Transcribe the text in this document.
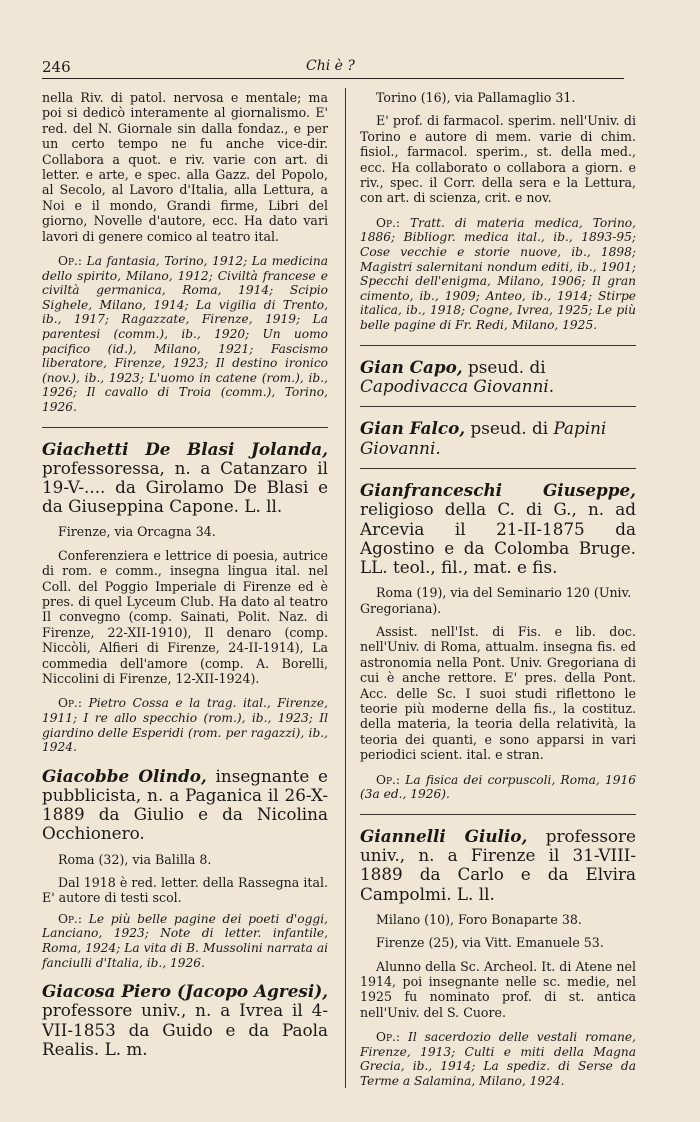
246	Chi è ?

nella Riv. di patol. nervosa e mentale; ma poi si dedicò interamente al giornalismo. E' red. del N. Giornale sin dalla fondaz., e per un certo tempo ne fu anche vice-dir. Collabora a quot. e riv. varie con art. di letter. e arte, e spec. alla Gazz. del Popolo, al Secolo, al Lavoro d'Italia, alla Lettura, a Noi e il mondo, Grandi firme, Libri del giorno, Novelle d'autore, ecc. Ha dato vari lavori di genere comico al teatro ital.

Op.: La fantasia, Torino, 1912; La medicina dello spirito, Milano, 1912; Civiltà francese e civiltà germanica, Roma, 1914; Scipio Sighele, Milano, 1914; La vigilia di Trento, ib., 1917; Ragazzate, Firenze, 1919; La parentesi (comm.), ib., 1920; Un uomo pacifico (id.), Milano, 1921; Fascismo liberatore, Firenze, 1923; Il destino ironico (nov.), ib., 1923; L'uomo in catene (rom.), ib., 1926; Il cavallo di Troia (comm.), Torino, 1926.

Giachetti De Blasi Jolanda, professoressa, n. a Catanzaro il 19-V-.... da Girolamo De Blasi e da Giuseppina Capone. L. ll.

Firenze, via Orcagna 34.

Conferenziera e lettrice di poesia, autrice di rom. e comm., insegna lingua ital. nel Coll. del Poggio Imperiale di Firenze ed è pres. di quel Lyceum Club. Ha dato al teatro Il convegno (comp. Sainati, Polit. Naz. di Firenze, 22-XII-1910), Il denaro (comp. Niccòli, Alfieri di Firenze, 24-II-1914), La commedia dell'amore (comp. A. Borelli, Niccolini di Firenze, 12-XII-1924).

Op.: Pietro Cossa e la trag. ital., Firenze, 1911; I re allo specchio (rom.), ib., 1923; Il giardino delle Esperidi (rom. per ragazzi), ib., 1924.

Giacobbe Olindo, insegnante e pubblicista, n. a Paganica il 26-X-1889 da Giulio e da Nicolina Occhionero.

Roma (32), via Balilla 8.

Dal 1918 è red. letter. della Rassegna ital. E' autore di testi scol.

Op.: Le più belle pagine dei poeti d'oggi, Lanciano, 1923; Note di letter. infantile, Roma, 1924; La vita di B. Mussolini narrata ai fanciulli d'Italia, ib., 1926.

Giacosa Piero (Jacopo Agresi), professore univ., n. a Ivrea il 4-VII-1853 da Guido e da Paola Realis. L. m.

Torino (16), via Pallamaglio 31.

E' prof. di farmacol. sperim. nell'Univ. di Torino e autore di mem. varie di chim. fisiol., farmacol. sperim., st. della med., ecc. Ha collaborato o collabora a giorn. e riv., spec. il Corr. della sera e la Lettura, con art. di scienza, crit. e nov.

Op.: Tratt. di materia medica, Torino, 1886; Bibliogr. medica ital., ib., 1893-95; Cose vecchie e storie nuove, ib., 1898; Magistri salernitani nondum editi, ib., 1901; Specchi dell'enigma, Milano, 1906; Il gran cimento, ib., 1909; Anteo, ib., 1914; Stirpe italica, ib., 1918; Cogne, Ivrea, 1925; Le più belle pagine di Fr. Redi, Milano, 1925.

Gian Capo, pseud. di Capodivacca Giovanni.
Gian Falco, pseud. di Papini Giovanni.
Gianfranceschi Giuseppe, religioso della C. di G., n. ad Arcevia il 21-II-1875 da Agostino e da Colomba Bruge. LL. teol., fil., mat. e fis.

Roma (19), via del Seminario 120 (Univ. Gregoriana).

Assist. nell'Ist. di Fis. e lib. doc. nell'Univ. di Roma, attualm. insegna fis. ed astronomia nella Pont. Univ. Gregoriana di cui è anche rettore. E' pres. della Pont. Acc. delle Sc. I suoi studi riflettono le teorie più moderne della fis., la costituz. della materia, la teoria della relatività, la teoria dei quanti, e sono apparsi in vari periodici scient. ital. e stran.

Op.: La fisica dei corpuscoli, Roma, 1916 (3a ed., 1926).

Giannelli Giulio, professore univ., n. a Firenze il 31-VIII-1889 da Carlo e da Elvira Campolmi. L. ll.

Milano (10), Foro Bonaparte 38.

Firenze (25), via Vitt. Emanuele 53.

Alunno della Sc. Archeol. It. di Atene nel 1914, poi insegnante nelle sc. medie, nel 1925 fu nominato prof. di st. antica nell'Univ. del S. Cuore.

Op.: Il sacerdozio delle vestali romane, Firenze, 1913; Culti e miti della Magna Grecia, ib., 1914; La spediz. di Serse da Terme a Salamina, Milano, 1924.
